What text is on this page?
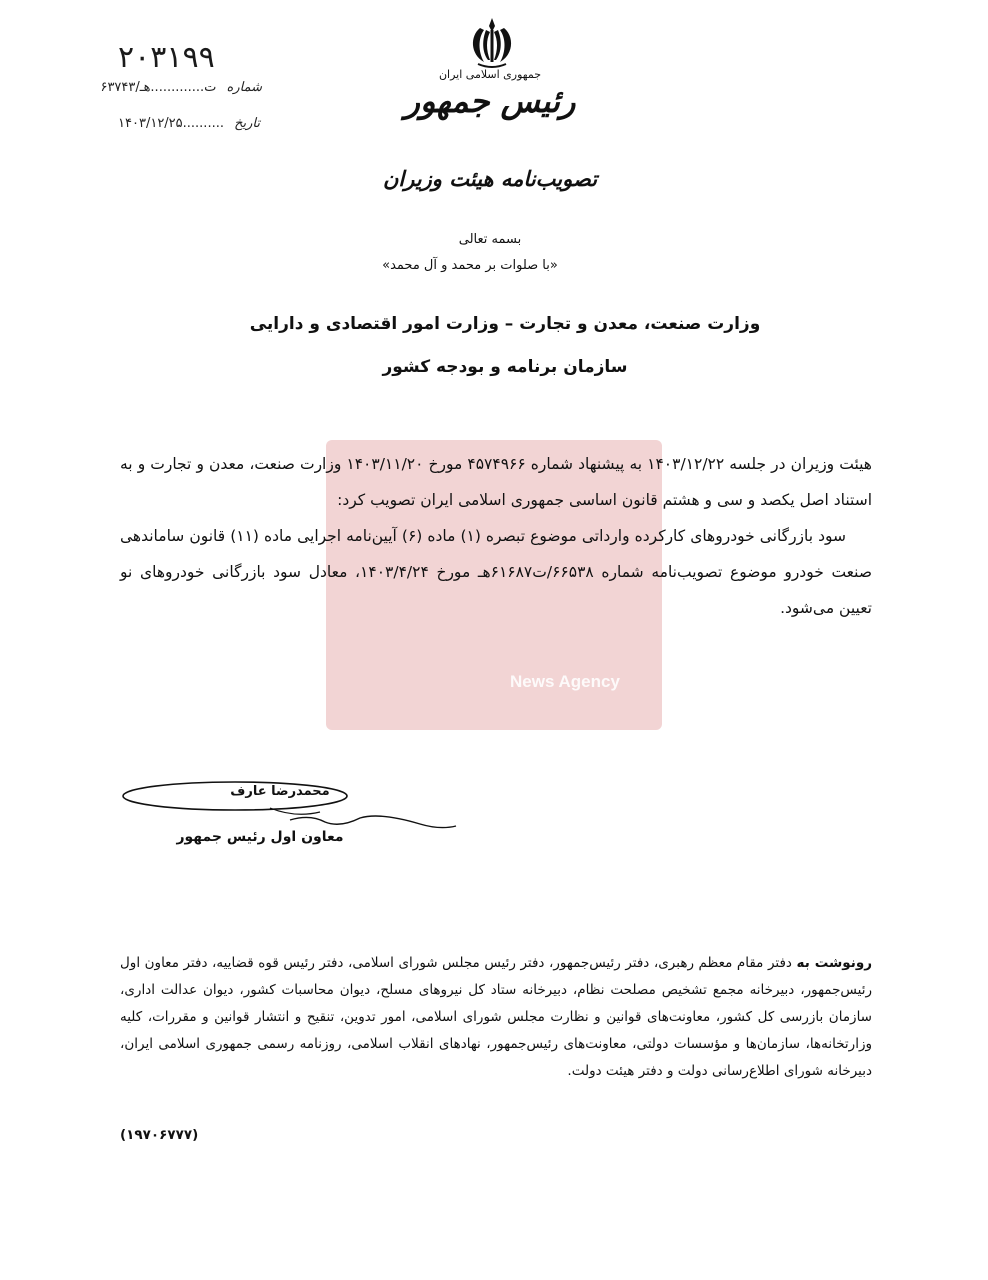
News Agency
۲۰۳۱۹۹
شماره ۶۳۷۴۳/ت.............هـ
تاریخ ۱۴۰۳/۱۲/۲۵..........
جمهوری اسلامی ایران
رئیس جمهور
تصویب‌نامه هیئت وزیران
بسمه تعالی
«با صلوات بر محمد و آل محمد»
وزارت صنعت، معدن و تجارت – وزارت امور اقتصادی و دارایی
سازمان برنامه و بودجه کشور

هیئت وزیران در جلسه ۱۴۰۳/۱۲/۲۲ به پیشنهاد شماره ۴۵۷۴۹۶۶ مورخ ۱۴۰۳/۱۱/۲۰ وزارت صنعت، معدن و تجارت و به استناد اصل یکصد و سی و هشتم قانون اساسی جمهوری اسلامی ایران تصویب کرد:

سود بازرگانی خودروهای کارکرده وارداتی موضوع تبصره (۱) ماده (۶) آیین‌نامه اجرایی ماده (۱۱) قانون ساماندهی صنعت خودرو موضوع تصویب‌نامه شماره ۶۶۵۳۸/ت۶۱۶۸۷هـ مورخ ۱۴۰۳/۴/۲۴، معادل سود بازرگانی خودروهای نو تعیین می‌شود.

محمدرضا عارف
معاون اول رئیس جمهور
رونوشت به دفتر مقام معظم رهبری، دفتر رئیس‌جمهور، دفتر رئیس مجلس شورای اسلامی، دفتر رئیس قوه قضاییه، دفتر معاون اول رئیس‌جمهور، دبیرخانه مجمع تشخیص مصلحت نظام، دبیرخانه ستاد کل نیروهای مسلح، دیوان محاسبات کشور، دیوان عدالت اداری، سازمان بازرسی کل کشور، معاونت‌های قوانین و نظارت مجلس شورای اسلامی، امور تدوین، تنقیح و انتشار قوانین و مقررات، کلیه وزارتخانه‌ها، سازمان‌ها و مؤسسات دولتی، معاونت‌های رئیس‌جمهور، نهادهای انقلاب اسلامی، روزنامه رسمی جمهوری اسلامی ایران، دبیرخانه شورای اطلاع‌رسانی دولت و دفتر هیئت دولت.
(۱۹۷۰۶۷۷۷)
